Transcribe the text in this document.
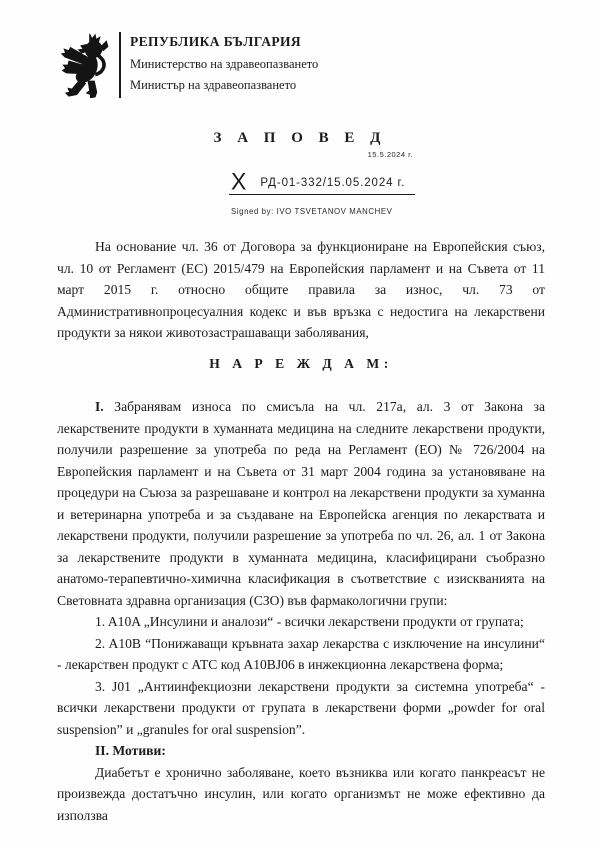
РЕПУБЛИКА БЪЛГАРИЯ

Министерство на здравеопазването

Министър на здравеопазването

З А П О В Е Д

15.5.2024 г.

X РД-01-332/15.05.2024 г.

Signed by: IVO TSVETANOV MANCHEV

На основание чл. 36 от Договора за функциониране на Европейския съюз, чл. 10 от Регламент (ЕС) 2015/479 на Европейския парламент и на Съвета от 11 март 2015 г. относно общите правила за износ, чл. 73 от Административнопроцесуалния кодекс и във връзка с недостига на лекарствени продукти за някои животозастрашаващи заболявания,

Н А Р Е Ж Д А М:

I. Забранявам износа по смисъла на чл. 217а, ал. 3 от Закона за лекарствените продукти в хуманната медицина на следните лекарствени продукти, получили разрешение за употреба по реда на Регламент (ЕО) № 726/2004 на Европейския парламент и на Съвета от 31 март 2004 година за установяване на процедури на Съюза за разрешаване и контрол на лекарствени продукти за хуманна и ветеринарна употреба и за създаване на Европейска агенция по лекарствата и лекарствени продукти, получили разрешение за употреба по чл. 26, ал. 1 от Закона за лекарствените продукти в хуманната медицина, класифицирани съобразно анатомо-терапевтично-химична класификация в съответствие с изискванията на Световната здравна организация (СЗО) във фармакологични групи:

1. A10A „Инсулини и аналози“ - всички лекарствени продукти от групата;

2. A10B “Понижаващи кръвната захар лекарства с изключение на инсулини“ - лекарствен продукт с АТС код A10BJ06 в инжекционна лекарствена форма;

3. J01 „Антиинфекциозни лекарствени продукти за системна употреба“ - всички лекарствени продукти от групата в лекарствени форми „powder for oral suspension” и „granules for oral suspension”.

II. Мотиви:

Диабетът е хронично заболяване, което възниква или когато панкреасът не произвежда достатъчно инсулин, или когато организмът не може ефективно да използва
